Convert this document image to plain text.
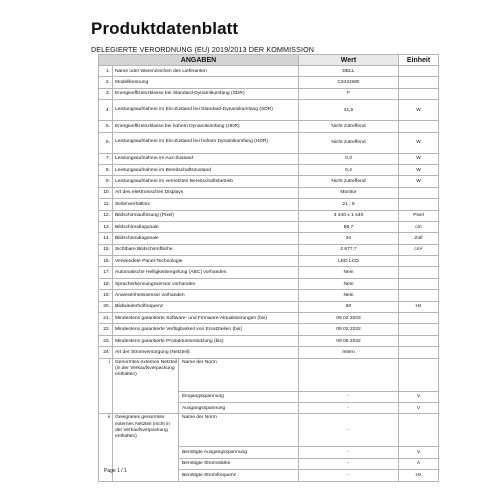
Produktdatenblatt
DELEGIERTE VERORDNUNG (EU) 2019/2013 DER KOMMISSION
ANGABEN			Wert	Einheit
1.	Name oder Warenzeichen des Lieferanten		DELL	
2.	Modellkennung		C3422WE	
3.	Energieeffizienzklasse bei Standard-Dynamikumfang (SDR)		F	
4.	Leistungsaufnahme im Ein-Zustand bei Standard-Dynamikumfang (SDR)		31,5	W
5.	Energieeffizienzklasse bei hohem Dynamikumfang (HDR)		Nicht zutreffend	
6.	Leistungsaufnahme im Ein-Zustand bei hohem Dynamikumfang (HDR)		Nicht zutreffend	W
7.	Leistungsaufnahme im Aus-Zustand		0,3	W
8.	Leistungsaufnahme im Bereitschaftszustand		0,4	W
9.	Leistungsaufnahme im vernetzten Bereitschaftsbetrieb		Nicht zutreffend	W
10.	Art des elektronischen Displays		Monitor	
11.	Seitenverhältnis		21 : 9	
12.	Bildschirmauflösung (Pixel)		3 440 x 1 440	Pixel
13.	Bildschirmdiagonale		86,7	cm
14.	Bildschirmdiagonale		34	Zoll
15.	Sichtbare Bildschirmfläche		2 677,7	cm²
16.	Verwendete Panel-Technologie		LED LCD	
17.	Automatische Helligkeitsregelung (ABC) vorhanden		Nein	
18.	Spracherkennungssensor vorhanden		Nein	
19.	Anwesenheitssensor vorhanden		Nein	
20.	Bildwiederholfrequenz		60	Hz
21.	Mindestens garantierte Software- und Firmware-Aktualisierungen (bis)		09 02 2033	
22.	Mindestens garantierte Verfügbarkeit von Ersatzteilen (bis)		09 02 2032	
23.	Mindestens garantierte Produktunterstützung (bis)		09 05 2032	
24.	Art der Stromversorgung (Netzteil):		Intern	
i	Genormtes externes Netzteil (in der Verkaufsverpackung enthalten)	Name der Norm		
		Eingangsspannung	-	V
		Ausgangsspannung	-	V
ii	Geeignetes genormtes externes Netzteil (nicht in der Verkaufsverpackung enthalten)	Name der Norm	-	
		Benötigte Ausgangsspannung	-	V
		Benötigte Stromstärke	-	A
		Benötigte Stromfrequenz	-	Hz
Page 1 / 1
